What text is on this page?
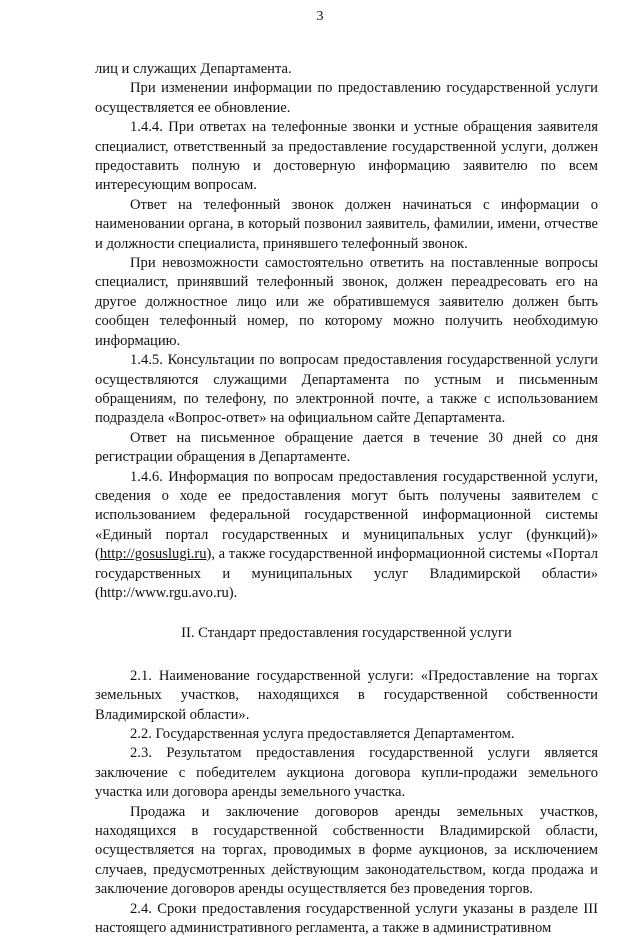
3

лиц и служащих Департамента.

При изменении информации по предоставлению государственной услуги осуществляется ее обновление.

1.4.4. При ответах на телефонные звонки и устные обращения заявителя специалист, ответственный за предоставление государственной услуги, должен предоставить полную и достоверную информацию заявителю по всем интересующим вопросам.

Ответ на телефонный звонок должен начинаться с информации о наименовании органа, в который позвонил заявитель, фамилии, имени, отчестве и должности специалиста, принявшего телефонный звонок.

При невозможности самостоятельно ответить на поставленные вопросы специалист, принявший телефонный звонок, должен переадресовать его на другое должностное лицо или же обратившемуся заявителю должен быть сообщен телефонный номер, по которому можно получить необходимую информацию.

1.4.5. Консультации по вопросам предоставления государственной услуги осуществляются служащими Департамента по устным и письменным обращениям, по телефону, по электронной почте, а также с использованием подраздела «Вопрос-ответ» на официальном сайте Департамента.

Ответ на письменное обращение дается в течение 30 дней со дня регистрации обращения в Департаменте.

1.4.6. Информация по вопросам предоставления государственной услуги, сведения о ходе ее предоставления могут быть получены заявителем с использованием федеральной государственной информационной системы «Единый портал государственных и муниципальных услуг (функций)» (http://gosuslugi.ru), а также государственной информационной системы «Портал государственных и муниципальных услуг Владимирской области» (http://www.rgu.avo.ru).

II. Стандарт предоставления государственной услуги

2.1. Наименование государственной услуги: «Предоставление на торгах земельных участков, находящихся в государственной собственности Владимирской области».

2.2. Государственная услуга предоставляется Департаментом.

2.3. Результатом предоставления государственной услуги является заключение с победителем аукциона договора купли-продажи земельного участка или договора аренды земельного участка.

Продажа и заключение договоров аренды земельных участков, находящихся в государственной собственности Владимирской области, осуществляется на торгах, проводимых в форме аукционов, за исключением случаев, предусмотренных действующим законодательством, когда продажа и заключение договоров аренды осуществляется без проведения торгов.

2.4. Сроки предоставления государственной услуги указаны в разделе III настоящего административного регламента, а также в административном
